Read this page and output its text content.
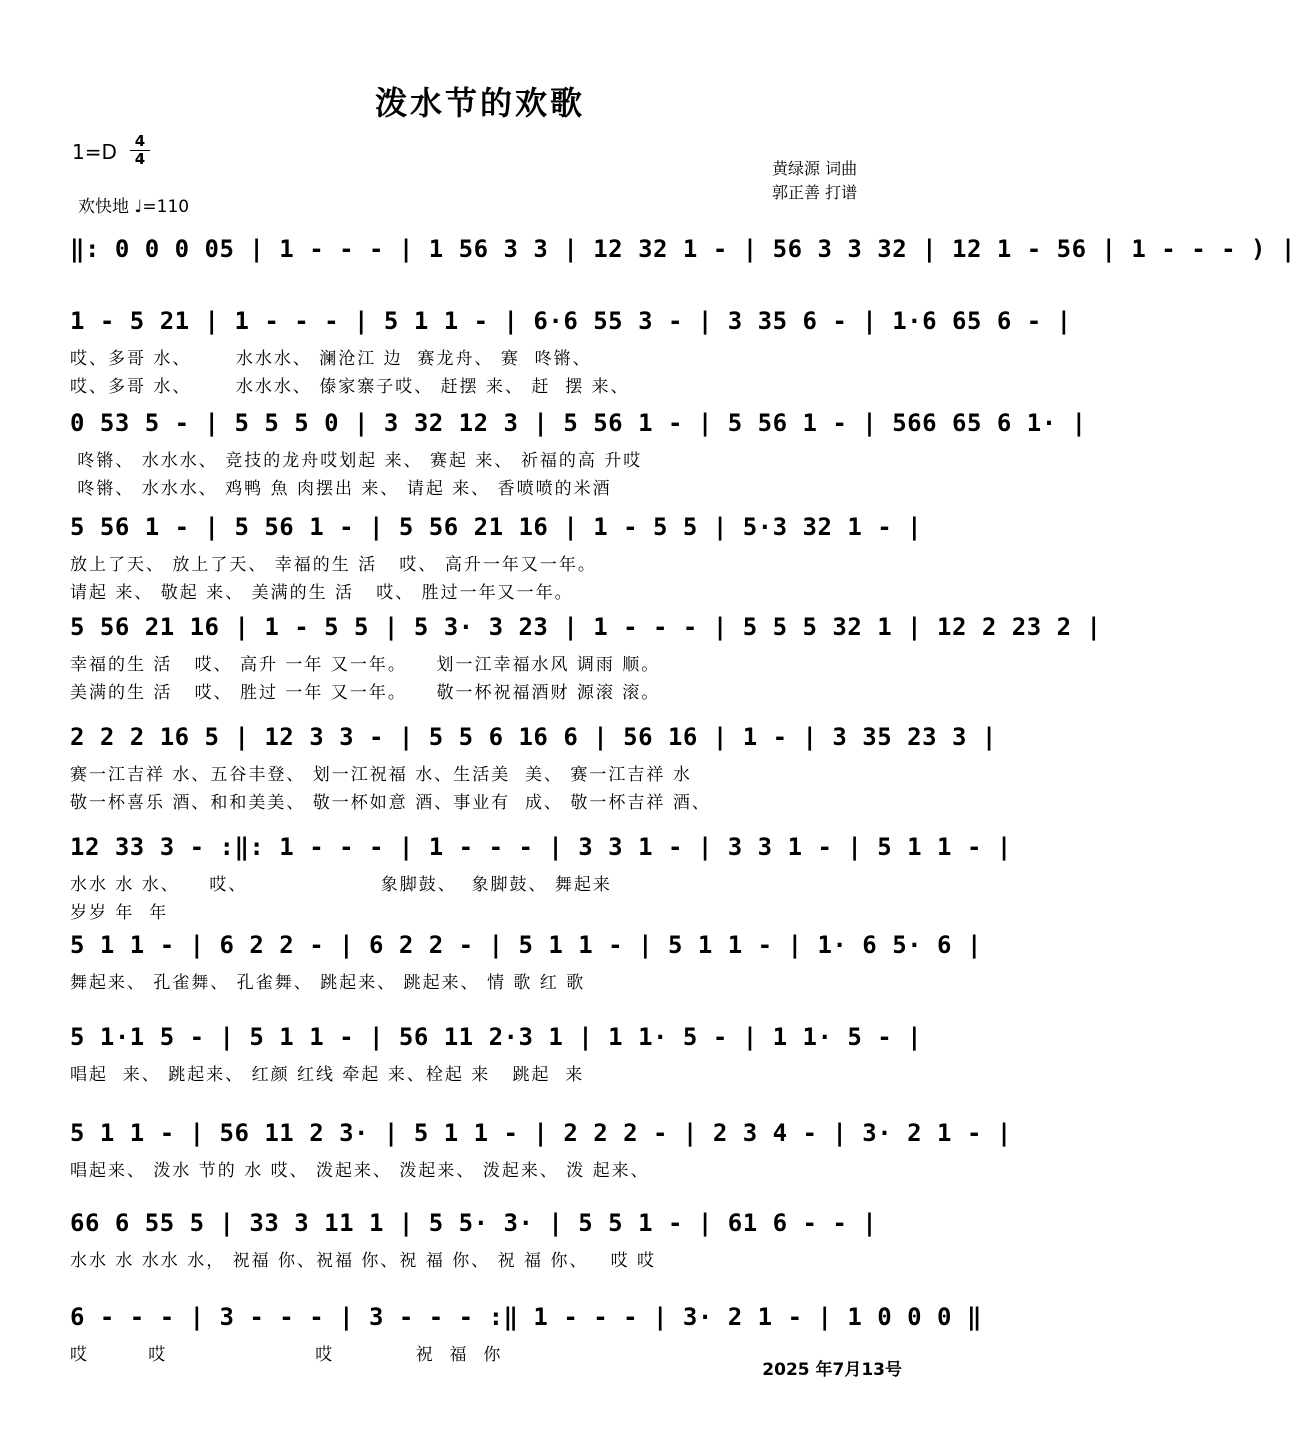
泼水节的欢歌
1=D	4
4
欢快地 ♩=110
黄绿源 词曲
郭正善 打谱
‖: 0 0 0 05 | 1 - - - | 1 56 3 3 | 12 32 1 - | 56 3 3 32 | 12 1 - 56 | 1 - - - ) |
1 - 5 21 | 1 - - - | 5 1 1 - | 6·6 55 3 - | 3 35 6 - | 1·6 65 6 - |
哎、多哥 水、      水水水、 澜沧江 边  赛龙舟、 赛  咚锵、
哎、多哥 水、      水水水、 傣家寨子哎、 赶摆 来、 赶  摆 来、
0 53 5 - | 5 5 5 0 | 3 32 12 3 | 5 56 1 - | 5 56 1 - | 566 65 6 1· |
咚锵、 水水水、 竞技的龙舟哎划起 来、 赛起 来、 祈福的高 升哎
咚锵、 水水水、 鸡鸭 魚 肉摆出 来、 请起 来、 香喷喷的米酒
5 56 1 - | 5 56 1 - | 5 56 21 16 | 1 - 5 5 | 5·3 32 1 - |
放上了天、 放上了天、 幸福的生 活   哎、 高升一年又一年。
请起 来、 敬起 来、 美满的生 活   哎、 胜过一年又一年。
5 56 21 16 | 1 - 5 5 | 5 3· 3 23 | 1 - - - | 5 5 5 32 1 | 12 2 23 2 |
幸福的生 活   哎、 高升 一年 又一年。    划一江幸福水风 调雨 顺。
美满的生 活   哎、 胜过 一年 又一年。    敬一杯祝福酒财 源滚 滚。
2 2 2 16 5 | 12 3 3 - | 5 5 6 16 6 | 56 16 | 1 - | 3 35 23 3 |
赛一江吉祥 水、五谷丰登、 划一江祝福 水、生活美  美、 赛一江吉祥 水
敬一杯喜乐 酒、和和美美、 敬一杯如意 酒、事业有  成、 敬一杯吉祥 酒、
12 33 3 - :‖: 1 - - - | 1 - - - | 3 3 1 - | 3 3 1 - | 5 1 1 - |
水水 水 水、    哎、                  象脚鼓、  象脚鼓、 舞起来
岁岁 年  年
5 1 1 - | 6 2 2 - | 6 2 2 - | 5 1 1 - | 5 1 1 - | 1· 6 5· 6 |
舞起来、 孔雀舞、 孔雀舞、 跳起来、 跳起来、 情 歌 红 歌
5 1·1 5 - | 5 1 1 - | 56 11 2·3 1 | 1 1· 5 - | 1 1· 5 - |
唱起  来、 跳起来、 红颜 红线 牵起 来、栓起 来   跳起  来
5 1 1 - | 56 11 2 3· | 5 1 1 - | 2 2 2 - | 2 3 4 - | 3· 2 1 - |
唱起来、 泼水 节的 水 哎、 泼起来、 泼起来、 泼起来、 泼 起来、
66 6 55 5 | 33 3 11 1 | 5 5· 3· | 5 5 1 - | 61 6 - - |
水水 水 水水 水， 祝福 你、祝福 你、祝 福 你、 祝 福 你、   哎 哎
6 - - - | 3 - - - | 3 - - - :‖ 1 - - - | 3· 2 1 - | 1 0 0 0 ‖
哎        哎                    哎           祝  福  你
2025 年7月13号
